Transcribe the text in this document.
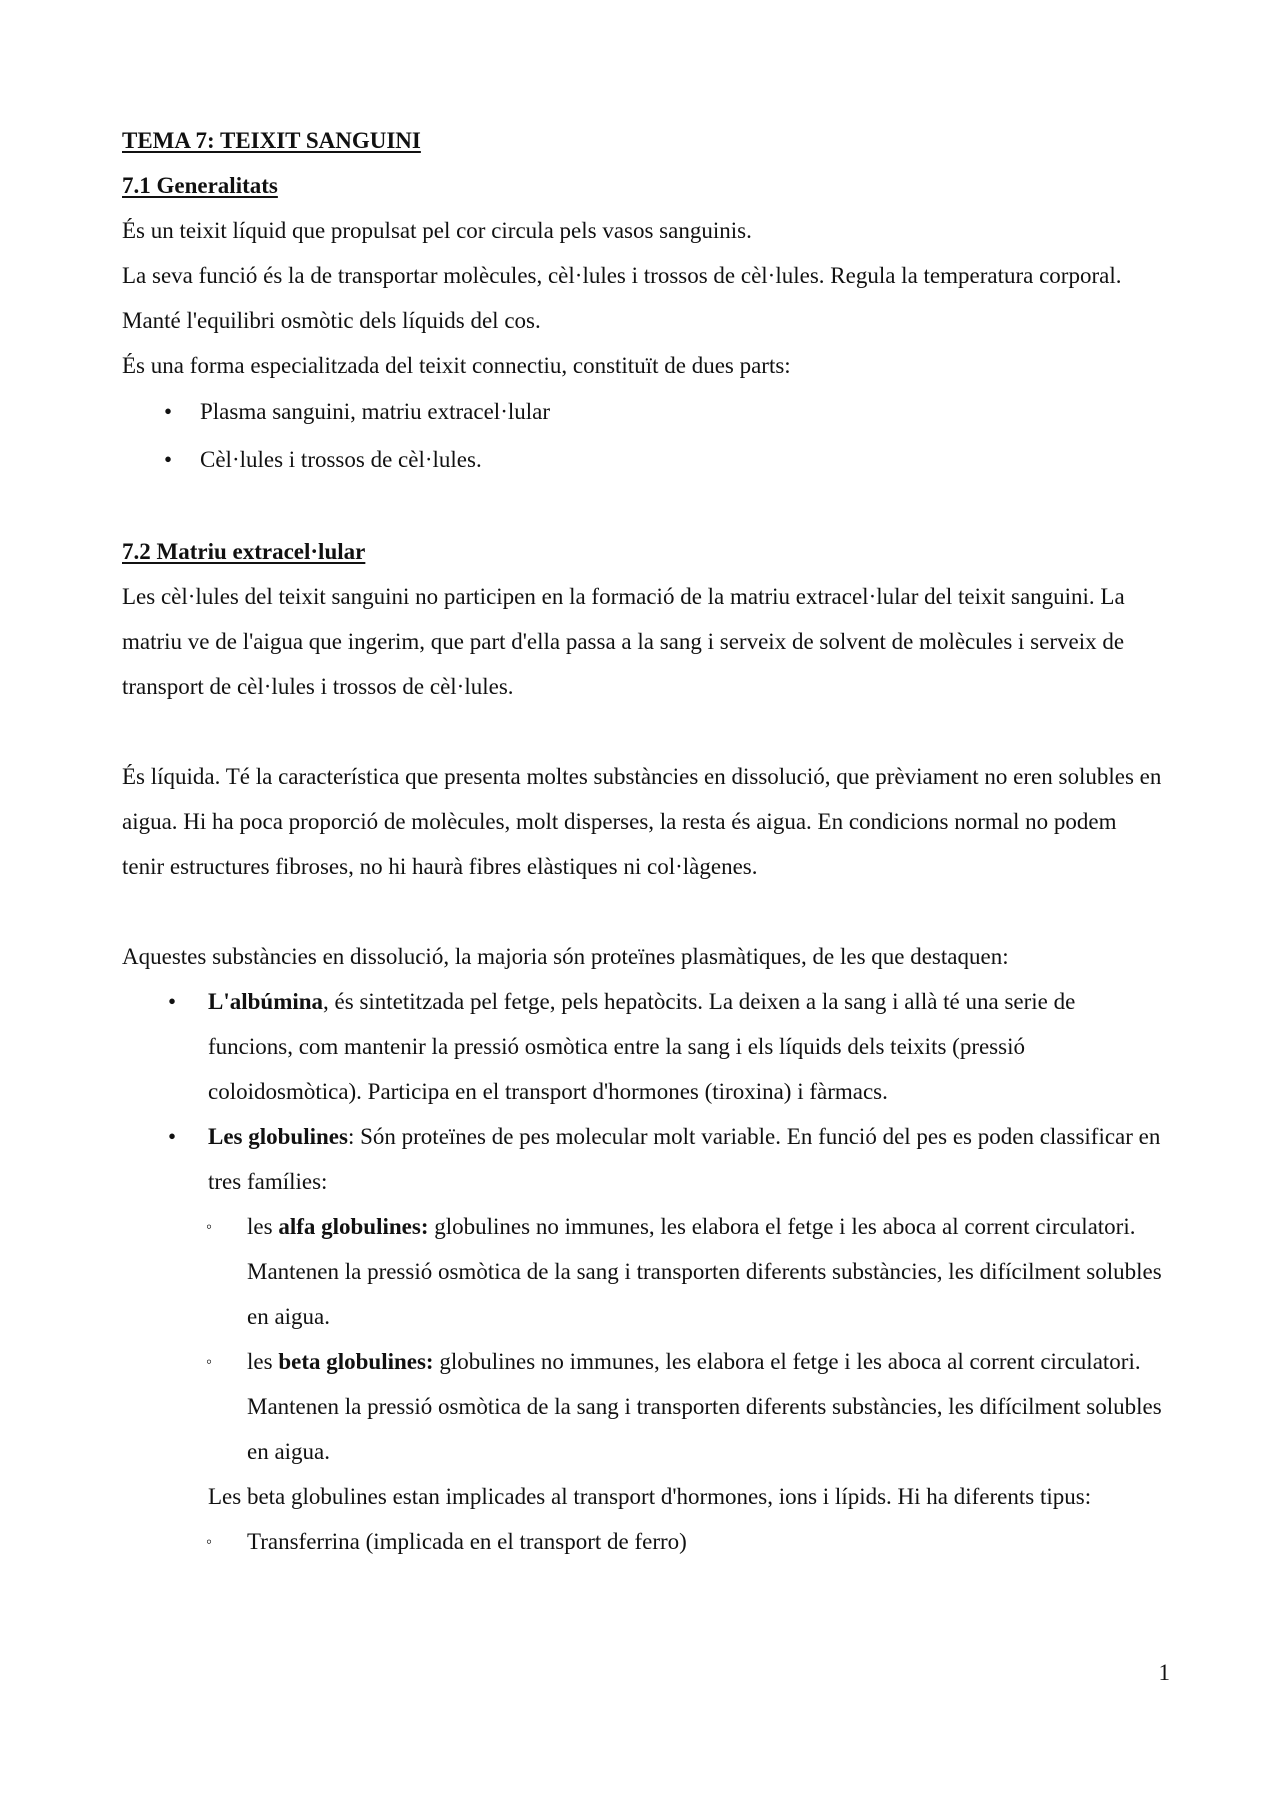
TEMA 7: TEIXIT SANGUINI

7.1 Generalitats

És un teixit líquid que propulsat pel cor circula pels vasos sanguinis.

La seva funció és la de transportar molècules, cèl·lules i trossos de cèl·lules. Regula la temperatura corporal. Manté l'equilibri osmòtic dels líquids del cos.

És una forma especialitzada del teixit connectiu, constituït de dues parts:

• Plasma sanguini, matriu extracel·lular
• Cèl·lules i trossos de cèl·lules.

7.2 Matriu extracel·lular

Les cèl·lules del teixit sanguini no participen en la formació de la matriu extracel·lular del teixit sanguini. La matriu ve de l'aigua que ingerim, que part d'ella passa a la sang i serveix de solvent de molècules i serveix de transport de cèl·lules i trossos de cèl·lules.

És líquida. Té la característica que presenta moltes substàncies en dissolució, que prèviament no eren solubles en aigua. Hi ha poca proporció de molècules, molt disperses, la resta és aigua. En condicions normal no podem tenir estructures fibroses, no hi haurà fibres elàstiques ni col·làgenes.

Aquestes substàncies en dissolució, la majoria són proteïnes plasmàtiques, de les que destaquen:

• L'albúmina, és sintetitzada pel fetge, pels hepatòcits. La deixen a la sang i allà té una serie de funcions, com mantenir la pressió osmòtica entre la sang i els líquids dels teixits (pressió coloidosmòtica). Participa en el transport d'hormones (tiroxina) i fàrmacs.
• Les globulines: Són proteïnes de pes molecular molt variable. En funció del pes es poden classificar en tres famílies:
◦ les alfa globulines: globulines no immunes, les elabora el fetge i les aboca al corrent circulatori. Mantenen la pressió osmòtica de la sang i transporten diferents substàncies, les difícilment solubles en aigua.
◦ les beta globulines: globulines no immunes, les elabora el fetge i les aboca al corrent circulatori. Mantenen la pressió osmòtica de la sang i transporten diferents substàncies, les difícilment solubles en aigua.

Les beta globulines estan implicades al transport d'hormones, ions i lípids. Hi ha diferents tipus:

◦ Transferrina (implicada en el transport de ferro)
1
